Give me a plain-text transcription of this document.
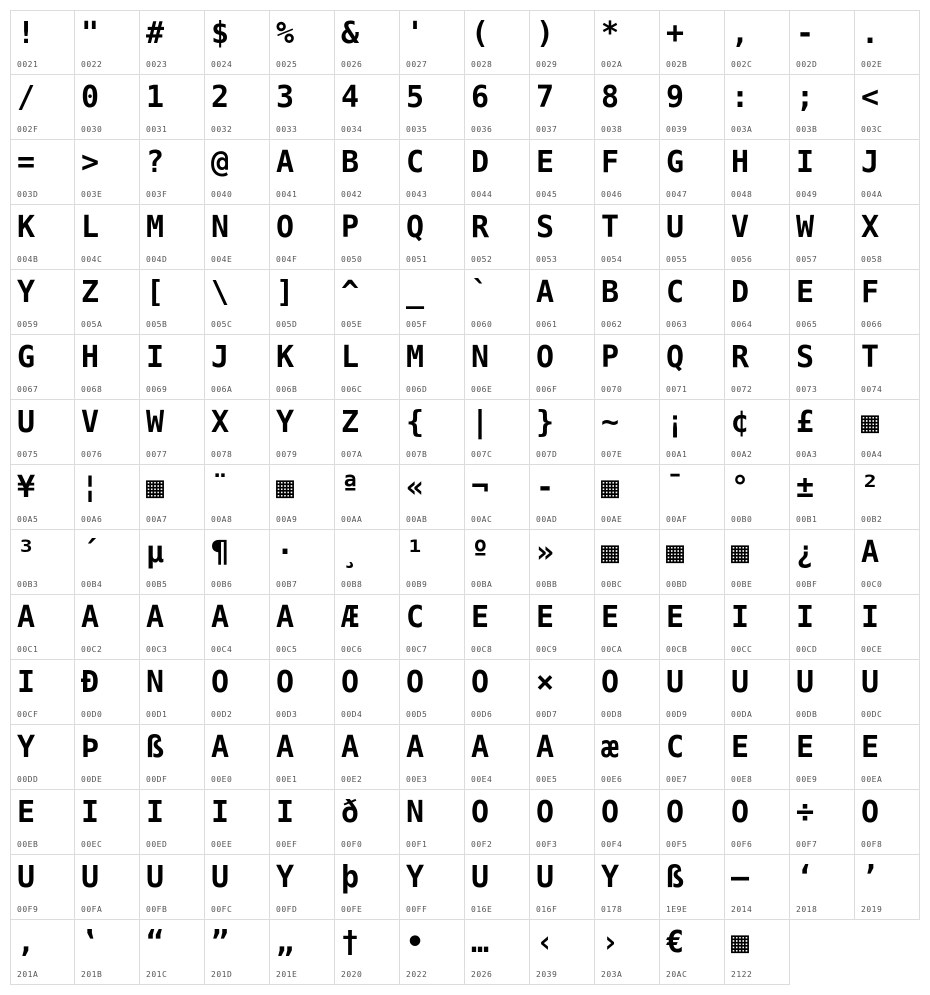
!
0021
"
0022
#
0023
$
0024
%
0025
&
0026
'
0027
(
0028
)
0029
*
002A
+
002B
,
002C
-
002D
.
002E
/
002F
0
0030
1
0031
2
0032
3
0033
4
0034
5
0035
6
0036
7
0037
8
0038
9
0039
:
003A
;
003B
<
003C
=
003D
>
003E
?
003F
@
0040
A
0041
B
0042
C
0043
D
0044
E
0045
F
0046
G
0047
H
0048
I
0049
J
004A
K
004B
L
004C
M
004D
N
004E
O
004F
P
0050
Q
0051
R
0052
S
0053
T
0054
U
0055
V
0056
W
0057
X
0058
Y
0059
Z
005A
[
005B
\
005C
]
005D
^
005E
_
005F
`
0060
A
0061
B
0062
C
0063
D
0064
E
0065
F
0066
G
0067
H
0068
I
0069
J
006A
K
006B
L
006C
M
006D
N
006E
O
006F
P
0070
Q
0071
R
0072
S
0073
T
0074
U
0075
V
0076
W
0077
X
0078
Y
0079
Z
007A
{
007B
|
007C
}
007D
~
007E
¡
00A1
¢
00A2
£
00A3
▦
00A4
¥
00A5
¦
00A6
▦
00A7
¨
00A8
▦
00A9
ª
00AA
«
00AB
¬
00AC
-
00AD
▦
00AE
¯
00AF
°
00B0
±
00B1
²
00B2
³
00B3
´
00B4
µ
00B5
¶
00B6
·
00B7
¸
00B8
¹
00B9
º
00BA
»
00BB
▦
00BC
▦
00BD
▦
00BE
¿
00BF
A
00C0
A
00C1
A
00C2
A
00C3
A
00C4
A
00C5
Æ
00C6
C
00C7
E
00C8
E
00C9
E
00CA
E
00CB
I
00CC
I
00CD
I
00CE
I
00CF
Ð
00D0
N
00D1
O
00D2
O
00D3
O
00D4
O
00D5
O
00D6
×
00D7
O
00D8
U
00D9
U
00DA
U
00DB
U
00DC
Y
00DD
Þ
00DE
ß
00DF
A
00E0
A
00E1
A
00E2
A
00E3
A
00E4
A
00E5
æ
00E6
C
00E7
E
00E8
E
00E9
E
00EA
E
00EB
I
00EC
I
00ED
I
00EE
I
00EF
ð
00F0
N
00F1
O
00F2
O
00F3
O
00F4
O
00F5
O
00F6
÷
00F7
O
00F8
U
00F9
U
00FA
U
00FB
U
00FC
Y
00FD
þ
00FE
Y
00FF
U
016E
U
016F
Y
0178
ß
1E9E
–
2014
‘
2018
’
2019
‚
201A
‛
201B
“
201C
”
201D
„
201E
†
2020
•
2022
…
2026
‹
2039
›
203A
€
20AC
▦
2122
